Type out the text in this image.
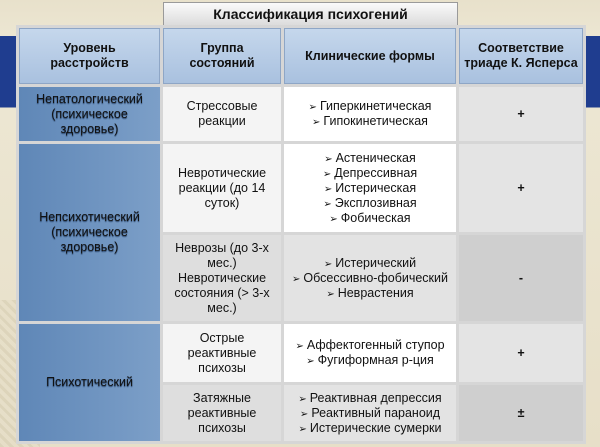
Классификация психогений
Уровень расстройств	Группа состояний	Клинические формы	Соответствие триаде К. Ясперса
Непатологический (психическое здоровье)	Стрессовые реакции	➢ Гиперкинетическая
➢ Гипокинетическая	+
Непсихотический (психическое здоровье)	Невротические реакции (до 14 суток)	➢ Астеническая
➢ Депрессивная
➢ Истерическая
➢ Эксплозивная
➢ Фобическая	+
	Неврозы (до 3-х мес.) Невротические состояния (> 3-х мес.)	➢ Истерический
➢ Обсессивно-фобический
➢ Неврастения	-
Психотический	Острые реактивные психозы	➢ Аффектогенный ступор
➢ Фугиформная р-ция	+
	Затяжные реактивные психозы	➢ Реактивная депрессия
➢ Реактивный параноид
➢ Истерические сумерки	±
